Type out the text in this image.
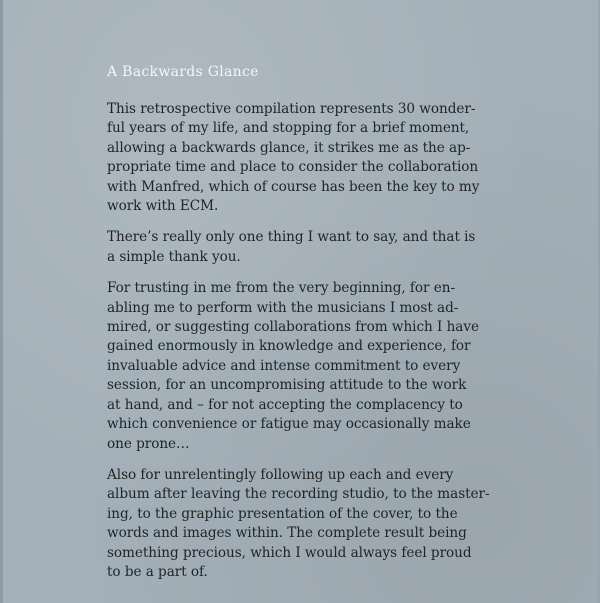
A Backwards Glance

This retrospective compilation represents 30 wonder-
ful years of my life, and stopping for a brief moment,
allowing a backwards glance, it strikes me as the ap-
propriate time and place to consider the collaboration
with Manfred, which of course has been the key to my
work with ECM.

There’s really only one thing I want to say, and that is
a simple thank you.

For trusting in me from the very beginning, for en-
abling me to perform with the musicians I most ad-
mired, or suggesting collaborations from which I have
gained enormously in knowledge and experience, for
invaluable advice and intense commitment to every
session, for an uncompromising attitude to the work
at hand, and – for not accepting the complacency to
which convenience or fatigue may occasionally make
one prone…

Also for unrelentingly following up each and every
album after leaving the recording studio, to the master-
ing, to the graphic presentation of the cover, to the
words and images within. The complete result being
something precious, which I would always feel proud
to be a part of.
